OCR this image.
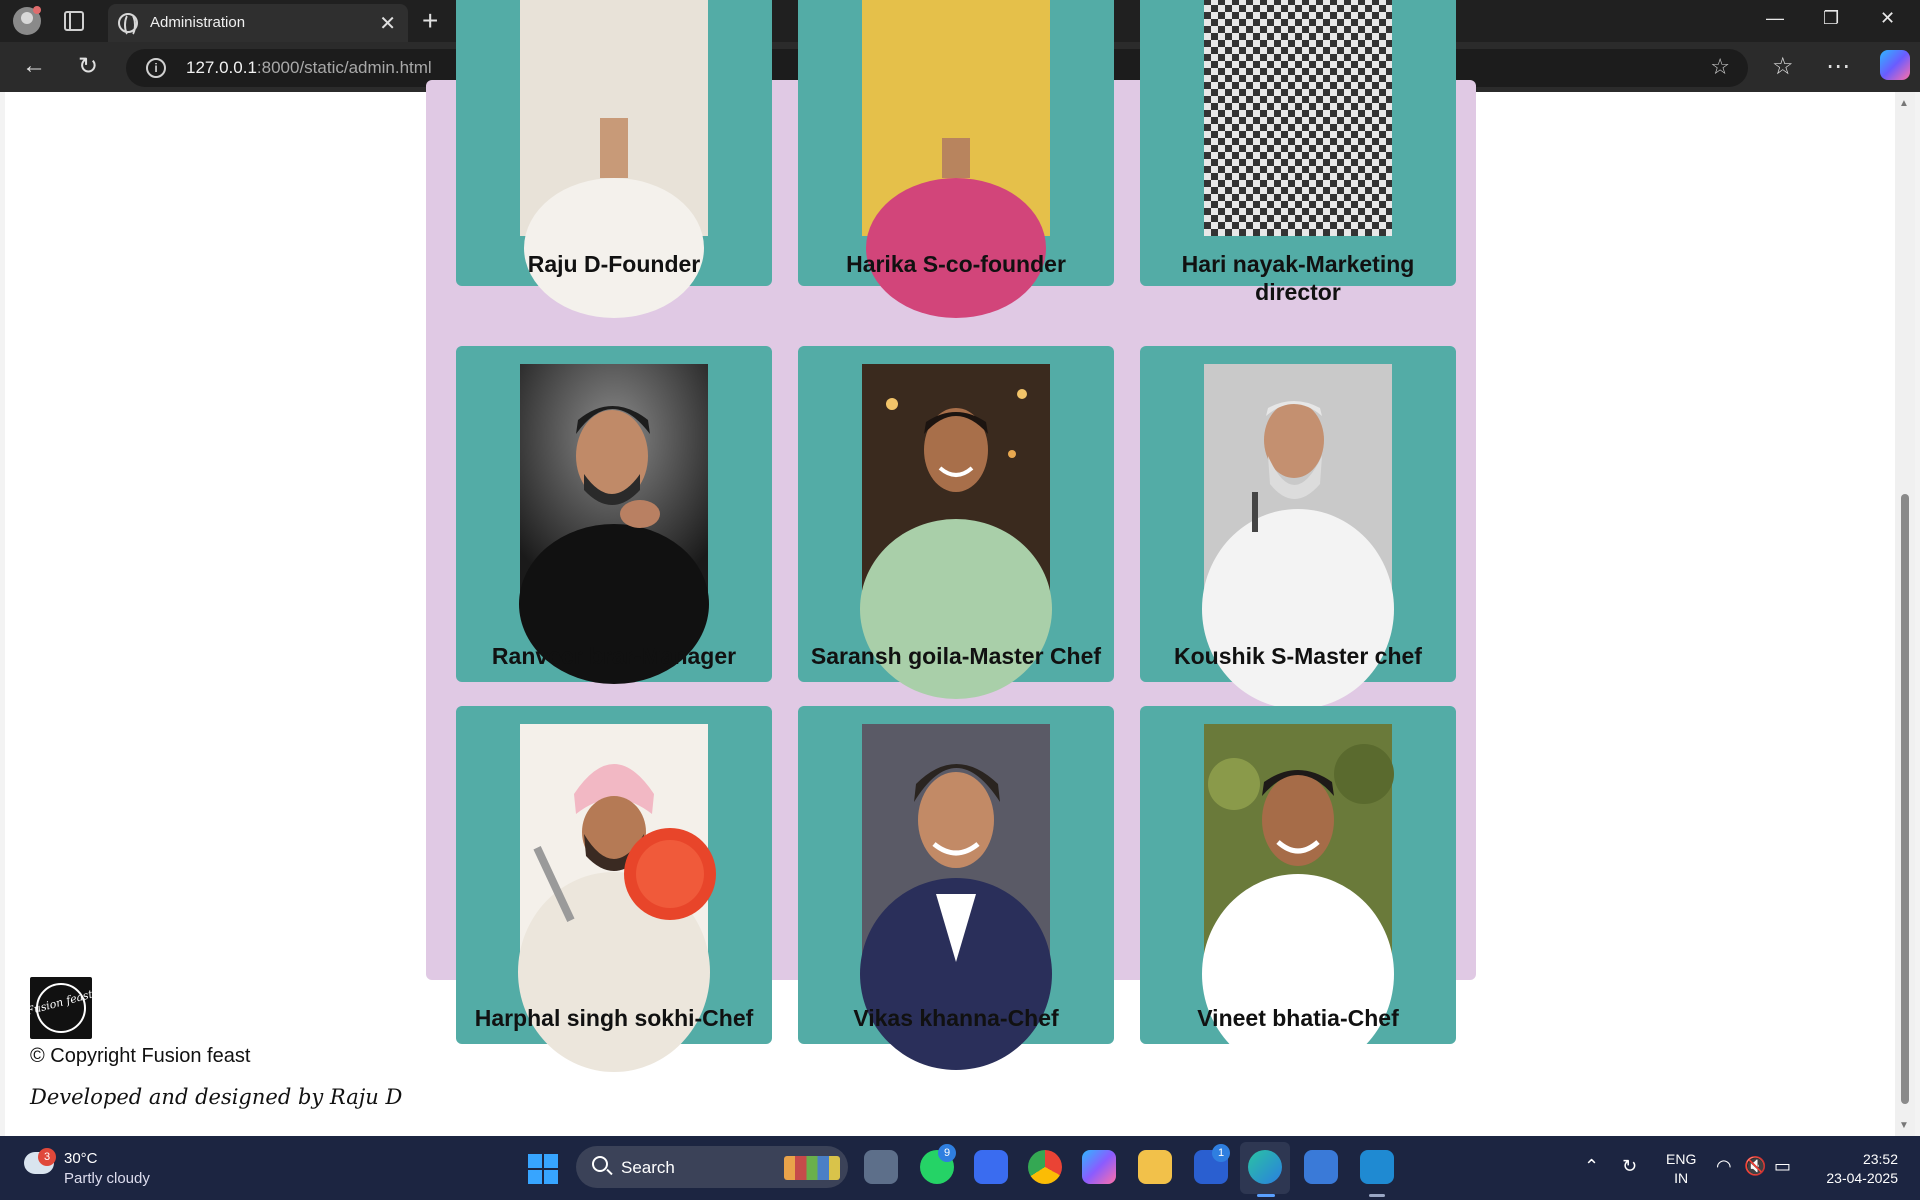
Administration	✕ +	— ❐ ✕
← ↻	i	127.0.0.1:8000/static/admin.html	☆ ☆ ⋯
Raju D-Founder	Harika S-co-founder	Hari nayak-Marketing director
Ranveer brar-Manager	Saransh goila-Master Chef	Koushik S-Master chef
Harphal singh sokhi-Chef	Vikas khanna-Chef	Vineet bhatia-Chef
Fusion feast
© Copyright Fusion feast
Developed and designed by Raju D
▲
▼
3 30°C
Partly cloudy
Search
9	1
⌃ ↻ ENG
IN
◠ 🔇 ▭	23:52
23-04-2025
